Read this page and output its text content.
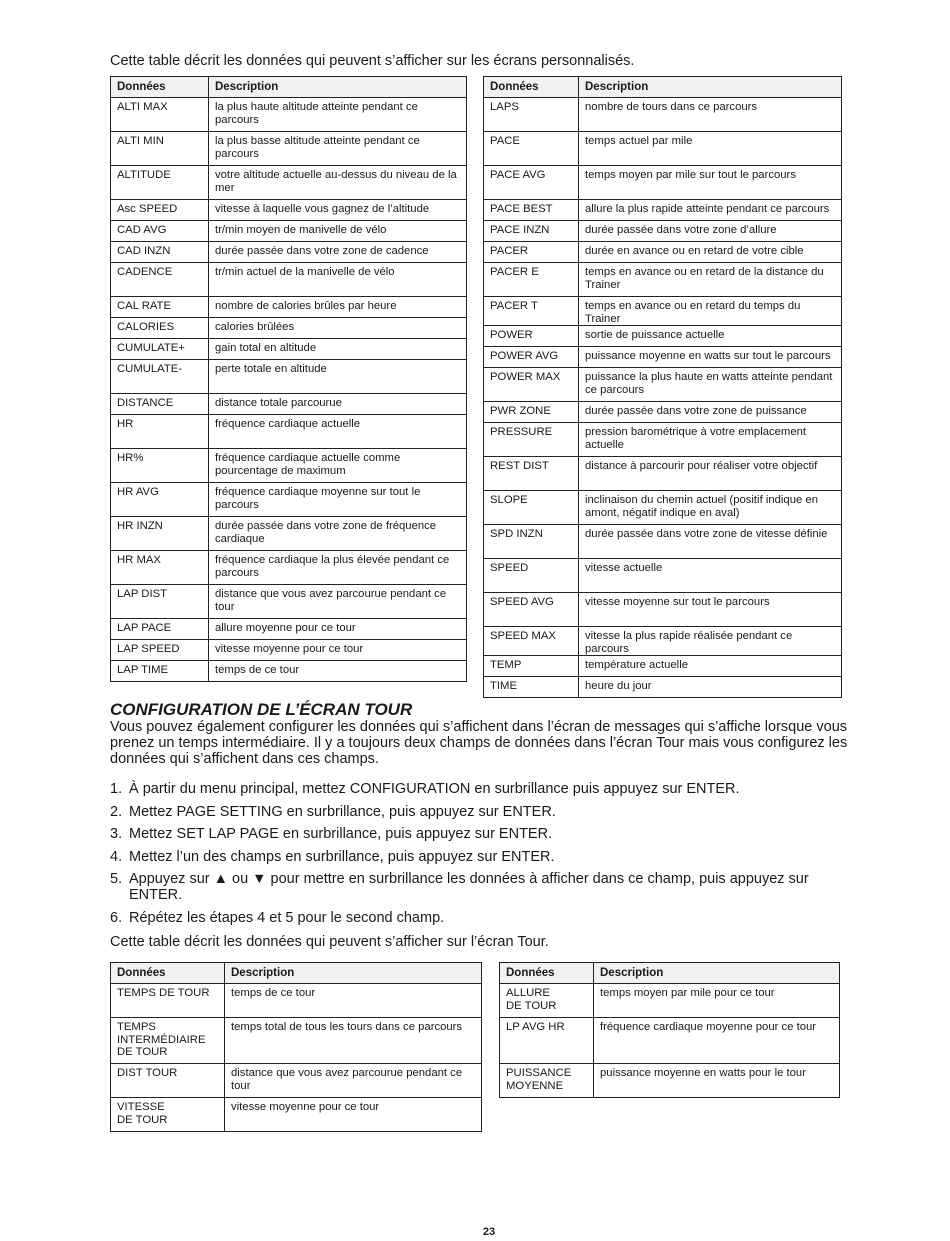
Cette table décrit les données qui peuvent s’afficher sur les écrans personnalisés.
Données	Description
ALTI MAX	la plus haute altitude atteinte pendant ce parcours
ALTI MIN	la plus basse altitude atteinte pendant ce parcours
ALTITUDE	votre altitude actuelle au-dessus du niveau de la mer
Asc SPEED	vitesse à laquelle vous gagnez de l’altitude
CAD AVG	tr/min moyen de manivelle de vélo
CAD INZN	durée passée dans votre zone de cadence
CADENCE	tr/min actuel de la manivelle de vélo
CAL RATE	nombre de calories brûles par heure
CALORIES	calories brûlées
CUMULATE+	gain total en altitude
CUMULATE-	perte totale en altitude
DISTANCE	distance totale parcourue
HR	fréquence cardiaque actuelle
HR%	fréquence cardiaque actuelle comme pourcentage de maximum
HR AVG	fréquence cardiaque moyenne sur tout le parcours
HR INZN	durée passée dans votre zone de fréquence cardiaque
HR MAX	fréquence cardiaque la plus élevée pendant ce parcours
LAP DIST	distance que vous avez parcourue pendant ce tour
LAP PACE	allure moyenne pour ce tour
LAP SPEED	vitesse moyenne pour ce tour
LAP TIME	temps de ce tour
Données	Description
LAPS	nombre de tours dans ce parcours
PACE	temps actuel par mile
PACE AVG	temps moyen par mile sur tout le parcours
PACE BEST	allure la plus rapide atteinte pendant ce parcours
PACE INZN	durée passée dans votre zone d’allure
PACER	durée en avance ou en retard de votre cible
PACER E	temps en avance ou en retard de la distance du Trainer
PACER T	temps en avance ou en retard du temps du Trainer
POWER	sortie de puissance actuelle
POWER AVG	puissance moyenne en watts sur tout le parcours
POWER MAX	puissance la plus haute en watts atteinte pendant ce parcours
PWR ZONE	durée passée dans votre zone de puissance
PRESSURE	pression barométrique à votre emplacement actuelle
REST DIST	distance à parcourir pour réaliser votre objectif
SLOPE	inclinaison du chemin actuel (positif indique en amont, négatif indique en aval)
SPD INZN	durée passée dans votre zone de vitesse définie
SPEED	vitesse actuelle
SPEED AVG	vitesse moyenne sur tout le parcours
SPEED MAX	vitesse la plus rapide réalisée pendant ce parcours
TEMP	température actuelle
TIME	heure du jour
CONFIGURATION DE L’ÉCRAN TOUR

Vous pouvez également configurer les données qui s’affichent dans l’écran de messages qui s’affiche lorsque vous prenez un temps intermédiaire. Il y a toujours deux champs de données dans l’écran Tour mais vous configurez les données qui s’affichent dans ces champs.

1. À partir du menu principal, mettez CONFIGURATION en surbrillance puis appuyez sur ENTER.
2. Mettez PAGE SETTING en surbrillance, puis appuyez sur ENTER.
3. Mettez SET LAP PAGE en surbrillance, puis appuyez sur ENTER.
4. Mettez l’un des champs en surbrillance, puis appuyez sur ENTER.
5. Appuyez sur ▲ ou ▼ pour mettre en surbrillance les données à afficher dans ce champ, puis appuyez sur ENTER.
6. Répétez les étapes 4 et 5 pour le second champ.
Cette table décrit les données qui peuvent s’afficher sur l’écran Tour.
Données	Description
TEMPS DE TOUR	temps de ce tour
TEMPS
INTERMÉDIAIRE
DE TOUR	temps total de tous les tours dans ce parcours
DIST TOUR	distance que vous avez parcourue pendant ce tour
VITESSE
DE TOUR	vitesse moyenne pour ce tour
Données	Description
ALLURE
DE TOUR	temps moyen par mile pour ce tour
LP AVG HR	fréquence cardiaque moyenne pour ce tour
PUISSANCE
MOYENNE	puissance moyenne en watts pour le tour
23
